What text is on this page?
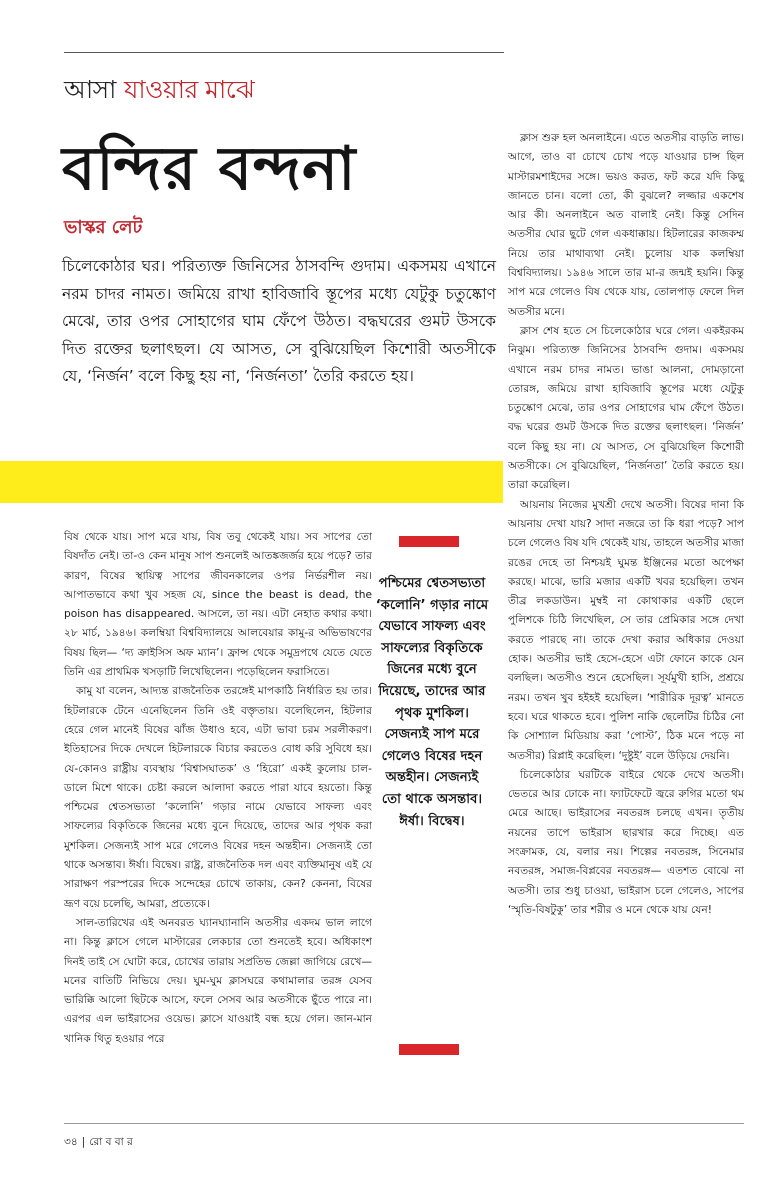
আসা যাওয়ার মাঝে
বন্দির বন্দনা
ভাস্কর লেট

চিলেকোঠার ঘর। পরিত্যক্ত জিনিসের ঠাসবন্দি গুদাম। একসময় এখানে নরম চাদর নামত। জমিয়ে রাখা হাবিজাবি স্তূপের মধ্যে যেটুকু চতুষ্কোণ মেঝে, তার ওপর সোহাগের ঘাম ফেঁপে উঠত। বদ্ধঘরের গুমট উসকে দিত রক্তের ছলাৎছল। যে আসত, সে বুঝিয়েছিল কিশোরী অতসীকে যে, ‘নির্জন’ বলে কিছু হয় না, ‘নির্জনতা’ তৈরি করতে হয়।

বিষ থেকে যায়। সাপ মরে যায়, বিষ তবু থেকেই যায়। সব সাপের তো বিষদাঁত নেই। তা-ও কেন মানুষ সাপ শুনলেই আতঙ্কজর্জর হয়ে পড়ে? তার কারণ, বিষের স্থায়িত্ব সাপের জীবনকালের ওপর নির্ভরশীল নয়। আপাতভাবে কথা খুব সহজ যে, since the beast is dead, the poison has disappeared. আসলে, তা নয়। এটা নেহাত কথার কথা। ২৮ মার্চ, ১৯৪৬। কলম্বিয়া বিশ্ববিদ্যালয়ে আলবেয়ার কামু-র অভিভাষণের বিষয় ছিল— ‘দ্য ক্রাইসিস অফ ম্যান’। ফ্রান্স থেকে সমুদ্রপথে যেতে যেতে তিনি এর প্রাথমিক খসড়াটি লিখেছিলেন। পড়েছিলেন ফরাসিতে।

কামু যা বলেন, আদ্যন্ত রাজনৈতিক তরঙ্গেই মাপকাঠি নির্ধারিত হয় তার। হিটলারকে টেনে এনেছিলেন তিনি ওই বক্তৃতায়। বলেছিলেন, হিটলার হেরে গেল মানেই বিষের ঝাঁজ উধাও হবে, এটা ভাবা চরম সরলীকরণ। ইতিহাসের দিকে দেখলে হিটলারকে বিচার করতেও বোধ করি সুবিধে হয়। যে-কোনও রাষ্ট্রীয় ব্যবস্থায় ‘বিশ্বাসঘাতক’ ও ‘হিরো’ একই কুলোয় চাল-ডালে মিশে থাকে। চেষ্টা করলে আলাদা করতে পারা যাবে হয়তো। কিন্তু পশ্চিমের শ্বেতসভ্যতা ‘কলোনি’ গড়ার নামে যেভাবে সাফল্য এবং সাফল্যের বিকৃতিকে জিনের মধ্যে বুনে দিয়েছে, তাদের আর পৃথক করা মুশকিল। সেজন্যই সাপ মরে গেলেও বিষের দহন অন্তহীন। সেজন্যই তো থাকে অসন্তাব। ঈর্ষা। বিদ্বেষ। রাষ্ট্র, রাজনৈতিক দল এবং ব্যক্তিমানুষ এই যে সারাক্ষণ পরস্পরের দিকে সন্দেহের চোখে তাকায়, কেন? কেননা, বিষের ভ্রূণ বয়ে চলেছি, আমরা, প্রত্যেকে।

সাল-তারিখের এই অনবরত ঘ্যানঘ্যানানি অতসীর একদম ভাল লাগে না। কিন্তু ক্লাসে গেলে মাস্টারের লেকচার তো শুনতেই হবে। অধিকাংশ দিনই তাই সে ঘোটা করে, চোখের তারায় সপ্রতিভ জেল্লা জাগিয়ে রেখে— মনের বাতিটি নিভিয়ে দেয়। ঘুম-ঘুম ক্লাসঘরে কথামালার তরঙ্গ যেসব ভারিক্কি আলো ছিটকে আসে, ফলে সেসব আর অতসীকে ছুঁতে পারে না। এরপর এল ভাইরাসের ওয়েভ। ক্লাসে যাওয়াই বন্ধ হয়ে গেল। জান-মান খানিক থিতু হওয়ার পরে

পশ্চিমের শ্বেতসভ্যতা ‘কলোনি’ গড়ার নামে যেভাবে সাফল্য এবং সাফল্যের বিকৃতিকে জিনের মধ্যে বুনে দিয়েছে, তাদের আর পৃথক মুশকিল। সেজন্যই সাপ মরে গেলেও বিষের দহন অন্তহীন। সেজন্যই তো থাকে অসন্তাব। ঈর্ষা। বিদ্বেষ।

ক্লাস শুরু হল অনলাইনে। এতে অতসীর বাড়তি লাভ। আগে, তাও বা চোখে চোখ পড়ে যাওয়ার চান্স ছিল মাস্টারমশাইদের সঙ্গে। ভয়ও করত, ফট করে যদি কিছু জানতে চান। বলো তো, কী বুঝলে? লজ্জার একশেষ আর কী। অনলাইনে অত বালাই নেই। কিন্তু সেদিন অতসীর ঘোর ছুটে গেল একধাক্কায়। হিটলারের কাজকম্ম নিয়ে তার মাথাব্যথা নেই। চুলোয় যাক কলম্বিয়া বিশ্ববিদ্যালয়। ১৯৪৬ সালে তার মা-র জন্মই হয়নি। কিন্তু সাপ মরে গেলেও বিষ থেকে যায়, তোলপাড় ফেলে দিল অতসীর মনে।

ক্লাস শেষ হতে সে চিলেকোঠার ঘরে গেল। একইরকম নিঝুম। পরিত্যক্ত জিনিসের ঠাসবন্দি গুদাম। একসময় এখানে নরম চাদর নামত। ভাঙা আলনা, দোমড়ানো তোরঙ্গ, জমিয়ে রাখা হাবিজাবি স্তূপের মধ্যে যেটুকু চতুষ্কোণ মেঝে, তার ওপর সোহাগের ঘাম ফেঁপে উঠত। বদ্ধ ঘরের গুমট উসকে দিত রক্তের ছলাৎছল। ‘নির্জন’ বলে কিছু হয় না। যে আসত, সে বুঝিয়েছিল কিশোরী অতসীকে। সে বুঝিয়েছিল, ‘নির্জনতা’ তৈরি করতে হয়। তারা করেছিল।

আয়নায় নিজের মুখশ্রী দেখে অতসী। বিষের দানা কি আয়নায় দেখা যায়? সাদা নজরে তা কি ধরা পড়ে? সাপ চলে গেলেও বিষ যদি থেকেই যায়, তাহলে অতসীর মাজা রঙের দেহে তা নিশ্চয়ই ঘুমন্ত ইঞ্জিনের মতো অপেক্ষা করছে। মাঝে, ভারি মজার একটি খবর হয়েছিল। তখন তীব্র লকডাউন। মুম্বই না কোথাকার একটি ছেলে পুলিশকে চিঠি লিখেছিল, সে তার প্রেমিকার সঙ্গে দেখা করতে পারছে না। তাকে দেখা করার অধিকার দেওয়া হোক। অতসীর ভাই হেসে-হেসে এটা ফোনে কাকে যেন বলছিল। অতসীও শুনে হেসেছিল। সূর্যমুখী হাসি, প্রশ্রয়ে নরম। তখন খুব হইহই হয়েছিল। ‘শারীরিক দূরত্ব’ মানতে হবে। ঘরে থাকতে হবে। পুলিশ নাকি ছেলেটির চিঠির নো কি সোশ্যাল মিডিয়ায় করা ‘পোস্ট’, ঠিক মনে পড়ে না অতসীর) রিপ্লাই করেছিল। ‘দুষ্টুই’ বলে উড়িয়ে দেয়নি।

চিলেকোঠার ঘরটিকে বাইরে থেকে দেখে অতসী। ভেতরে আর ঢোকে না। ফ্যাটফেটে জ্বরে রুগির মতো থম মেরে আছে। ভাইরাসের নবতরঙ্গ চলছে এখন। তৃতীয় নয়নের তাপে ভাইরাস ছারখার করে দিচ্ছে। এত সংক্রামক, যে, বলার নয়। শিল্পের নবতরঙ্গ, সিনেমার নবতরঙ্গ, সমাজ-বিপ্লবের নবতরঙ্গ— এতশত বোঝে না অতসী। তার শুধু চাওয়া, ভাইরাস চলে গেলেও, সাপের ‘স্মৃতি-বিষটুকু’ তার শরীর ও মনে থেকে যায় যেন!

৩৪ | রো ব বা র
